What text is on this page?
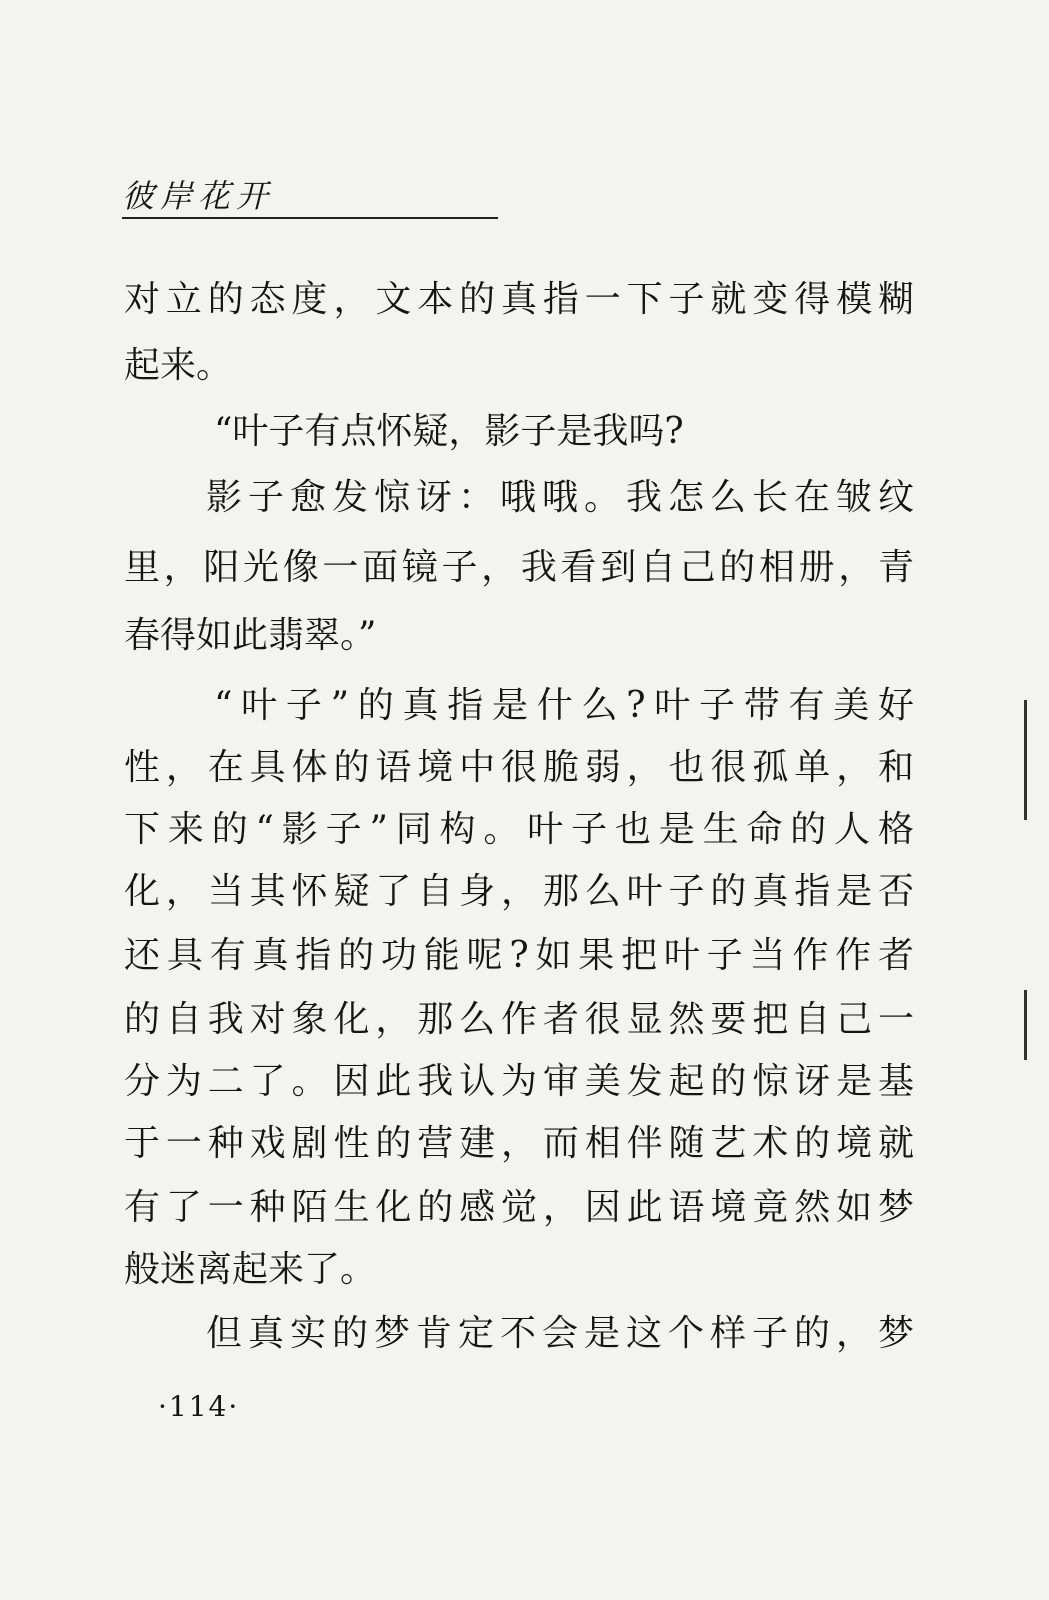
彼岸花开
对立的态度，文本的真指一下子就变得模糊
起来。
“叶子有点怀疑，影子是我吗?
影子愈发惊讶：哦哦。我怎么长在皱纹
里，阳光像一面镜子，我看到自己的相册，青
春得如此翡翠。”
“叶子”的真指是什么?叶子带有美好
性，在具体的语境中很脆弱，也很孤单，和
下来的“影子”同构。叶子也是生命的人格
化，当其怀疑了自身，那么叶子的真指是否
还具有真指的功能呢?如果把叶子当作作者
的自我对象化，那么作者很显然要把自己一
分为二了。因此我认为审美发起的惊讶是基
于一种戏剧性的营建，而相伴随艺术的境就
有了一种陌生化的感觉，因此语境竟然如梦
般迷离起来了。
但真实的梦肯定不会是这个样子的，梦
·114·
